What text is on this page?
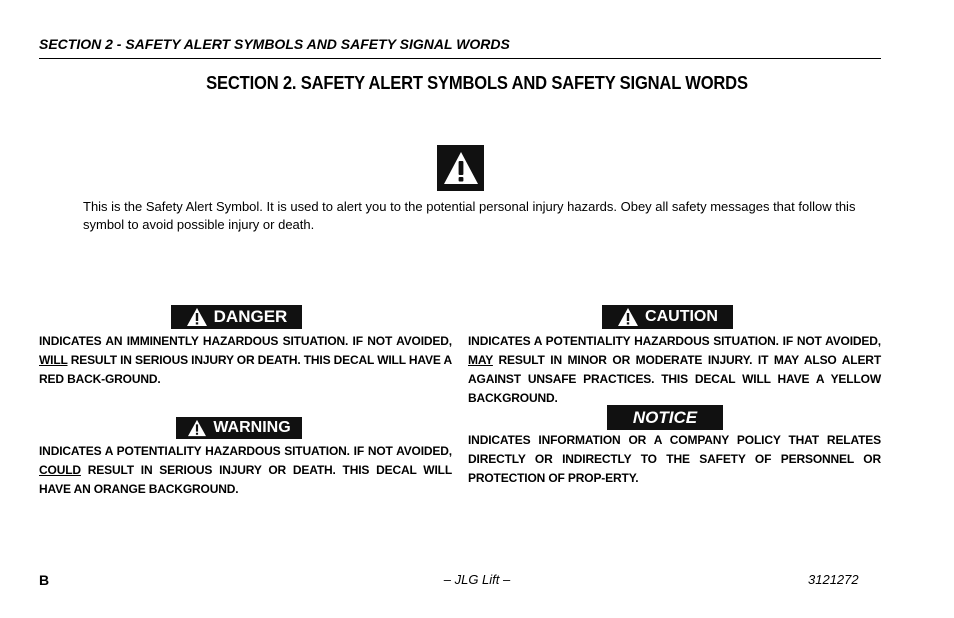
SECTION 2 - SAFETY ALERT SYMBOLS AND SAFETY SIGNAL WORDS
SECTION 2. SAFETY ALERT SYMBOLS AND SAFETY SIGNAL WORDS
This is the Safety Alert Symbol. It is used to alert you to the potential personal injury hazards. Obey all safety messages that follow this symbol to avoid possible injury or death.
DANGER
INDICATES AN IMMINENTLY HAZARDOUS SITUATION. IF NOT AVOIDED, WILL RESULT IN SERIOUS INJURY OR DEATH. THIS DECAL WILL HAVE A RED BACK-GROUND.
WARNING
INDICATES A POTENTIALITY HAZARDOUS SITUATION. IF NOT AVOIDED, COULD RESULT IN SERIOUS INJURY OR DEATH. THIS DECAL WILL HAVE AN ORANGE BACKGROUND.
CAUTION
INDICATES A POTENTIALITY HAZARDOUS SITUATION. IF NOT AVOIDED, MAY RESULT IN MINOR OR MODERATE INJURY. IT MAY ALSO ALERT AGAINST UNSAFE PRACTICES. THIS DECAL WILL HAVE A YELLOW BACKGROUND.
NOTICE
INDICATES INFORMATION OR A COMPANY POLICY THAT RELATES DIRECTLY OR INDIRECTLY TO THE SAFETY OF PERSONNEL OR PROTECTION OF PROP-ERTY.
B	– JLG Lift –	3121272
